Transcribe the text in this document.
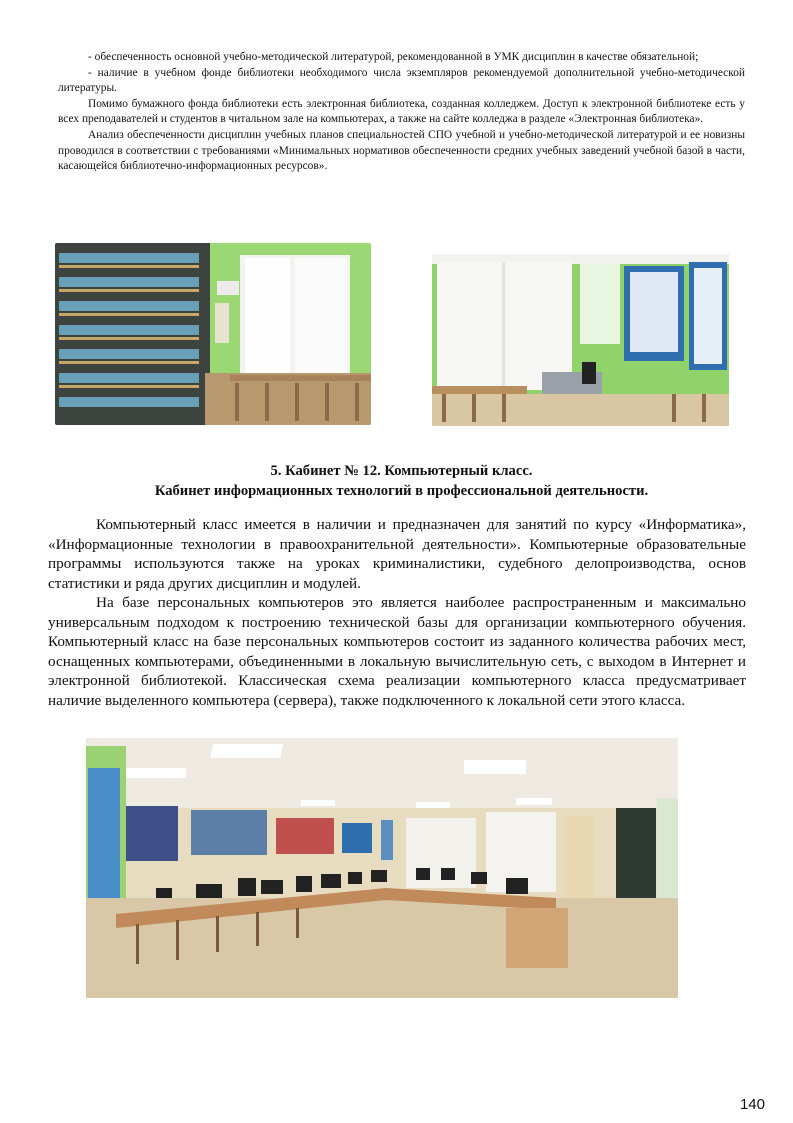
- обеспеченность основной учебно-методической литературой, рекомендованной в УМК дисциплин в качестве обязательной;

- наличие в учебном фонде библиотеки необходимого числа экземпляров рекомендуемой дополнительной учебно-методической литературы.

Помимо бумажного фонда библиотеки есть электронная библиотека, созданная колледжем. Доступ к электронной библиотеке есть у всех преподавателей и студентов в читальном зале на компьютерах, а также на сайте колледжа в разделе «Электронная библиотека».

Анализ обеспеченности дисциплин учебных планов специальностей СПО учебной и учебно-методической литературой и ее новизны проводился в соответствии с требованиями «Минимальных нормативов обеспеченности средних учебных заведений учебной базой в части, касающейся библиотечно-информационных ресурсов».

5. Кабинет № 12. Компьютерный класс.

Кабинет информационных технологий в профессиональной деятельности.

Компьютерный класс имеется в наличии и предназначен для занятий по курсу «Информатика», «Информационные технологии в правоохранительной деятельности». Компьютерные образовательные программы используются также на уроках криминалистики, судебного делопроизводства, основ статистики и ряда других дисциплин и модулей.

На базе персональных компьютеров это является наиболее распространенным и максимально универсальным подходом к построению технической базы для организации компьютерного обучения. Компьютерный класс на базе персональных компьютеров состоит из заданного количества рабочих мест, оснащенных компьютерами, объединенными в локальную вычислительную сеть, с выходом в Интернет и электронной библиотекой. Классическая схема реализации компьютерного класса предусматривает наличие выделенного компьютера (сервера), также подключенного к локальной сети этого класса.

140
